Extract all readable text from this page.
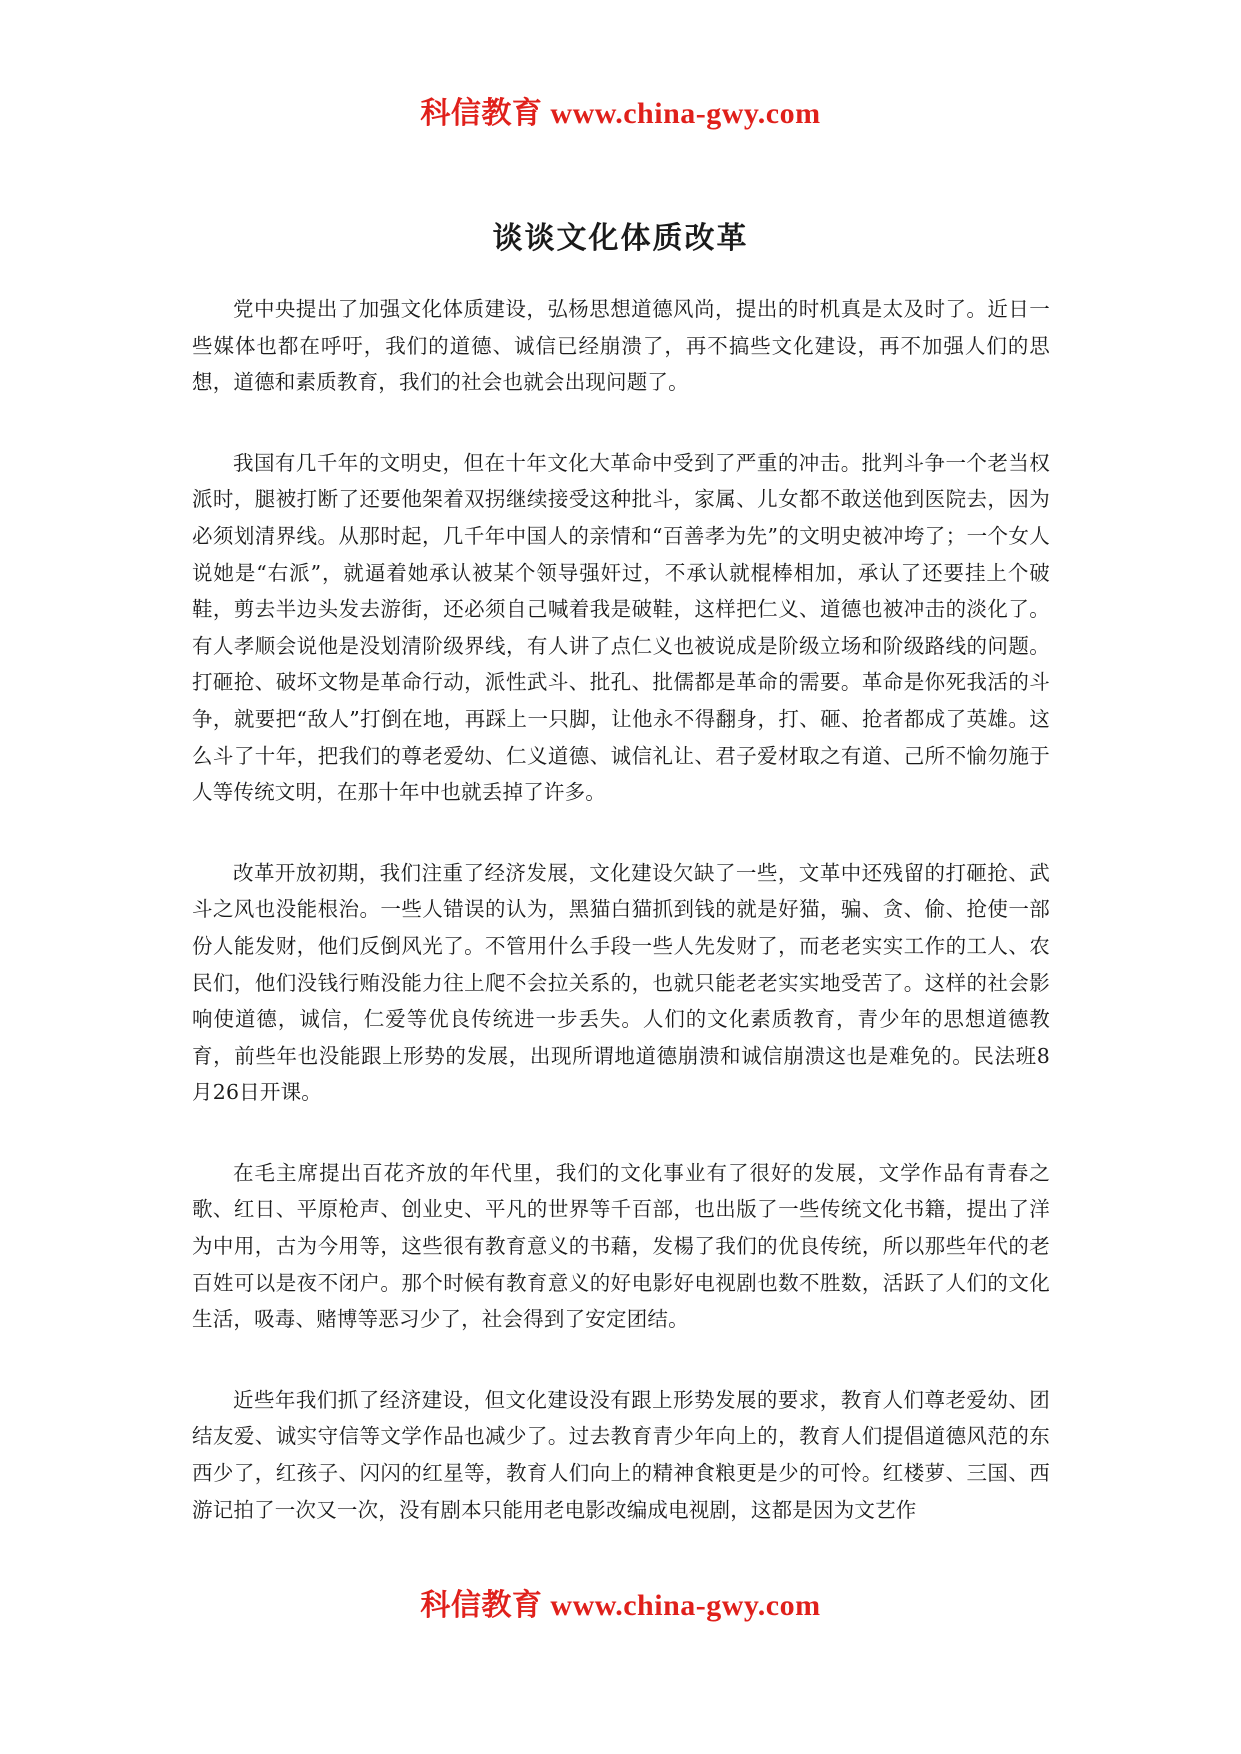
科信教育 www.china-gwy.com
谈谈文化体质改革

党中央提出了加强文化体质建设，弘杨思想道德风尚，提出的时机真是太及时了。近日一些媒体也都在呼吁，我们的道德、诚信已经崩溃了，再不搞些文化建设，再不加强人们的思想，道德和素质教育，我们的社会也就会出现问题了。

我国有几千年的文明史，但在十年文化大革命中受到了严重的冲击。批判斗争一个老当权派时，腿被打断了还要他架着双拐继续接受这种批斗，家属、儿女都不敢送他到医院去，因为必须划清界线。从那时起，几千年中国人的亲情和“百善孝为先”的文明史被冲垮了；一个女人说她是“右派”，就逼着她承认被某个领导强奸过，不承认就棍棒相加，承认了还要挂上个破鞋，剪去半边头发去游街，还必须自己喊着我是破鞋，这样把仁义、道德也被冲击的淡化了。有人孝顺会说他是没划清阶级界线，有人讲了点仁义也被说成是阶级立场和阶级路线的问题。打砸抢、破坏文物是革命行动，派性武斗、批孔、批儒都是革命的需要。革命是你死我活的斗争，就要把“敌人”打倒在地，再踩上一只脚，让他永不得翻身，打、砸、抢者都成了英雄。这么斗了十年，把我们的尊老爱幼、仁义道德、诚信礼让、君子爱材取之有道、己所不愉勿施于人等传统文明，在那十年中也就丢掉了许多。

改革开放初期，我们注重了经济发展，文化建设欠缺了一些，文革中还残留的打砸抢、武斗之风也没能根治。一些人错误的认为，黑猫白猫抓到钱的就是好猫，骗、贪、偷、抢使一部份人能发财，他们反倒风光了。不管用什么手段一些人先发财了，而老老实实工作的工人、农民们，他们没钱行贿没能力往上爬不会拉关系的，也就只能老老实实地受苦了。这样的社会影响使道德，诚信，仁爱等优良传统进一步丢失。人们的文化素质教育，青少年的思想道德教育，前些年也没能跟上形势的发展，出现所谓地道德崩溃和诚信崩溃这也是难免的。民法班8月26日开课。

在毛主席提出百花齐放的年代里，我们的文化事业有了很好的发展，文学作品有青春之歌、红日、平原枪声、创业史、平凡的世界等千百部，也出版了一些传统文化书籍，提出了洋为中用，古为今用等，这些很有教育意义的书藉，发楊了我们的优良传统，所以那些年代的老百姓可以是夜不闭户。那个时候有教育意义的好电影好电视剧也数不胜数，活跃了人们的文化生活，吸毒、赌博等恶习少了，社会得到了安定团结。

近些年我们抓了经济建设，但文化建设没有跟上形势发展的要求，教育人们尊老爱幼、团结友爱、诚实守信等文学作品也减少了。过去教育青少年向上的，教育人们提倡道德风范的东西少了，红孩子、闪闪的红星等，教育人们向上的精神食粮更是少的可怜。红楼萝、三国、西游记拍了一次又一次，没有剧本只能用老电影改编成电视剧，这都是因为文艺作

科信教育 www.china-gwy.com
